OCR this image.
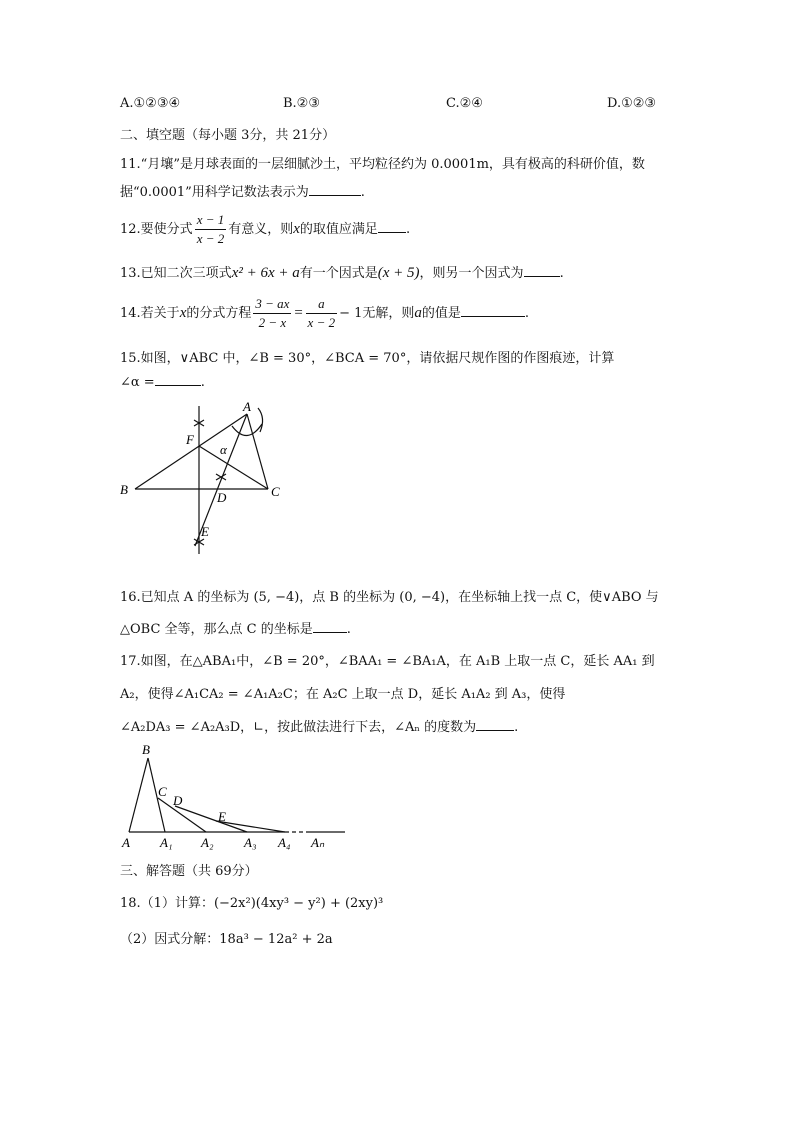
A.①②③④	B.②③	C.②④	D.①②③
二、填空题（每小题 3分，共 21分）
11.“月壤”是月球表面的一层细腻沙土，平均粒径约为 0.0001m，具有极高的科研价值，数
据“0.0001”用科学记数法表示为	.
12.要使分式 $\frac{x - 1}{x - 2}$ 有意义，则x的取值应满足 .
13.已知二次三项式x² + 6x + a有一个因式是(x + 5)，则另一个因式为	.
14.若关于x的分式方程 $\frac{3 - ax}{2 - x} = \frac{a}{x - 2} - 1$无解，则a的值是	.
15.如图，∨ABC 中，∠B = 30°，∠BCA = 70°，请依据尺规作图的作图痕迹，计算
∠α =	.
A
B	C
D
E
F
α
16.已知点 A 的坐标为 (5, −4)，点 B 的坐标为 (0, −4)，在坐标轴上找一点 C，使∨ABO 与
△OBC 全等，那么点 C 的坐标是	.
17.如图，在△ABA₁中，∠B = 20°，∠BAA₁ = ∠BA₁A，在 A₁B 上取一点 C，延长 AA₁ 到
A₂，使得∠A₁CA₂ = ∠A₁A₂C；在 A₂C 上取一点 D，延长 A₁A₂ 到 A₃，使得
∠A₂DA₃ = ∠A₂A₃D，∟，按此做法进行下去，∠Aₙ 的度数为	.
B
C
D
E
A A₁ A₂ A₃ A₄ Aₙ
三、解答题（共 69分）
18.（1）计算：(−2x²)(4xy³ − y²) + (2xy)³
（2）因式分解：18a³ − 12a² + 2a
